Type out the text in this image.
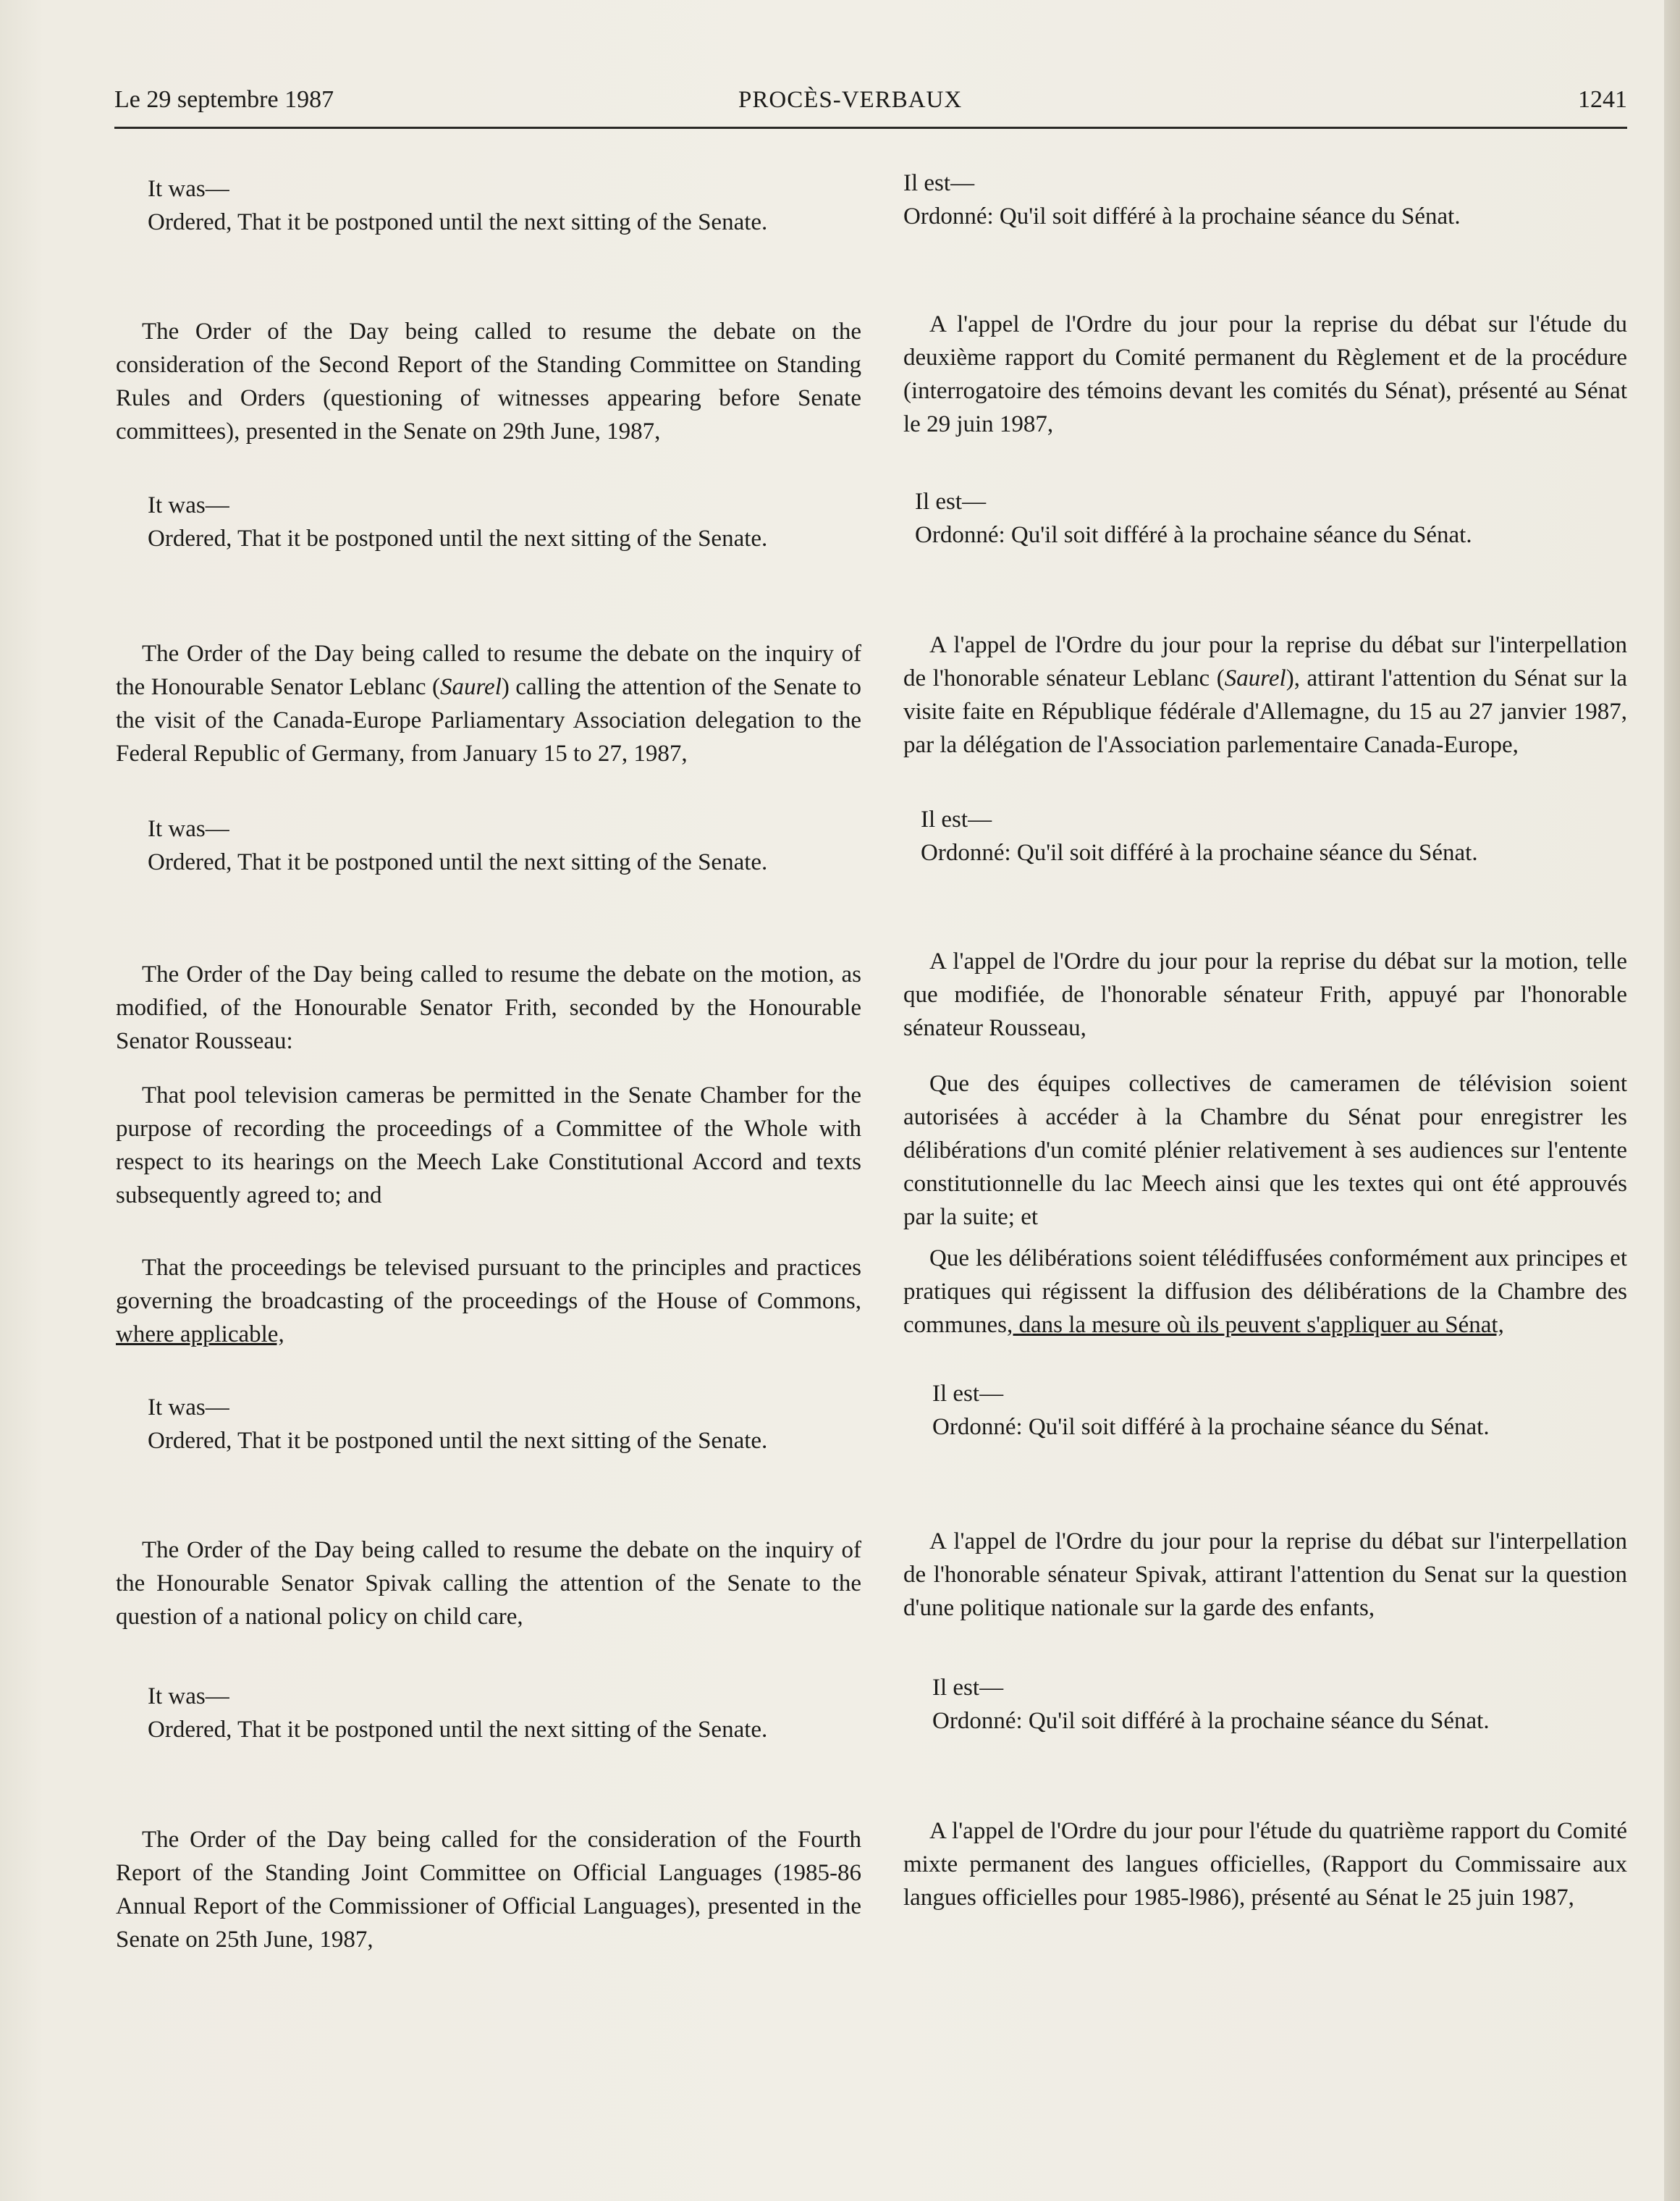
Le 29 septembre 1987	PROCÈS-VERBAUX	1241
It was—
Ordered, That it be postponed until the next sitting of the Senate.
The Order of the Day being called to resume the debate on the consideration of the Second Report of the Standing Committee on Standing Rules and Orders (questioning of witnesses appearing before Senate committees), presented in the Senate on 29th June, 1987,
It was—
Ordered, That it be postponed until the next sitting of the Senate.
The Order of the Day being called to resume the debate on the inquiry of the Honourable Senator Leblanc (Saurel) calling the attention of the Senate to the visit of the Canada-Europe Parliamentary Association delegation to the Federal Republic of Germany, from January 15 to 27, 1987,
It was—
Ordered, That it be postponed until the next sitting of the Senate.
The Order of the Day being called to resume the debate on the motion, as modified, of the Honourable Senator Frith, seconded by the Honourable Senator Rousseau:
That pool television cameras be permitted in the Senate Chamber for the purpose of recording the proceedings of a Committee of the Whole with respect to its hearings on the Meech Lake Constitutional Accord and texts subsequently agreed to; and
That the proceedings be televised pursuant to the principles and practices governing the broadcasting of the proceedings of the House of Commons, where applicable,
It was—
Ordered, That it be postponed until the next sitting of the Senate.
The Order of the Day being called to resume the debate on the inquiry of the Honourable Senator Spivak calling the attention of the Senate to the question of a national policy on child care,
It was—
Ordered, That it be postponed until the next sitting of the Senate.
The Order of the Day being called for the consideration of the Fourth Report of the Standing Joint Committee on Official Languages (1985-86 Annual Report of the Commissioner of Official Languages), presented in the Senate on 25th June, 1987,
Il est—
Ordonné: Qu'il soit différé à la prochaine séance du Sénat.
A l'appel de l'Ordre du jour pour la reprise du débat sur l'étude du deuxième rapport du Comité permanent du Règlement et de la procédure (interrogatoire des témoins devant les comités du Sénat), présenté au Sénat le 29 juin 1987,
Il est—
Ordonné: Qu'il soit différé à la prochaine séance du Sénat.
A l'appel de l'Ordre du jour pour la reprise du débat sur l'interpellation de l'honorable sénateur Leblanc (Saurel), attirant l'attention du Sénat sur la visite faite en République fédérale d'Allemagne, du 15 au 27 janvier 1987, par la délégation de l'Association parlementaire Canada-Europe,
Il est—
Ordonné: Qu'il soit différé à la prochaine séance du Sénat.
A l'appel de l'Ordre du jour pour la reprise du débat sur la motion, telle que modifiée, de l'honorable sénateur Frith, appuyé par l'honorable sénateur Rousseau,
Que des équipes collectives de cameramen de télévision soient autorisées à accéder à la Chambre du Sénat pour enregistrer les délibérations d'un comité plénier relativement à ses audiences sur l'entente constitutionnelle du lac Meech ainsi que les textes qui ont été approuvés par la suite; et
Que les délibérations soient télédiffusées conformément aux principes et pratiques qui régissent la diffusion des délibérations de la Chambre des communes, dans la mesure où ils peuvent s'appliquer au Sénat,
Il est—
Ordonné: Qu'il soit différé à la prochaine séance du Sénat.
A l'appel de l'Ordre du jour pour la reprise du débat sur l'interpellation de l'honorable sénateur Spivak, attirant l'attention du Senat sur la question d'une politique nationale sur la garde des enfants,
Il est—
Ordonné: Qu'il soit différé à la prochaine séance du Sénat.
A l'appel de l'Ordre du jour pour l'étude du quatrième rapport du Comité mixte permanent des langues officielles, (Rapport du Commissaire aux langues officielles pour 1985-l986), présenté au Sénat le 25 juin 1987,
